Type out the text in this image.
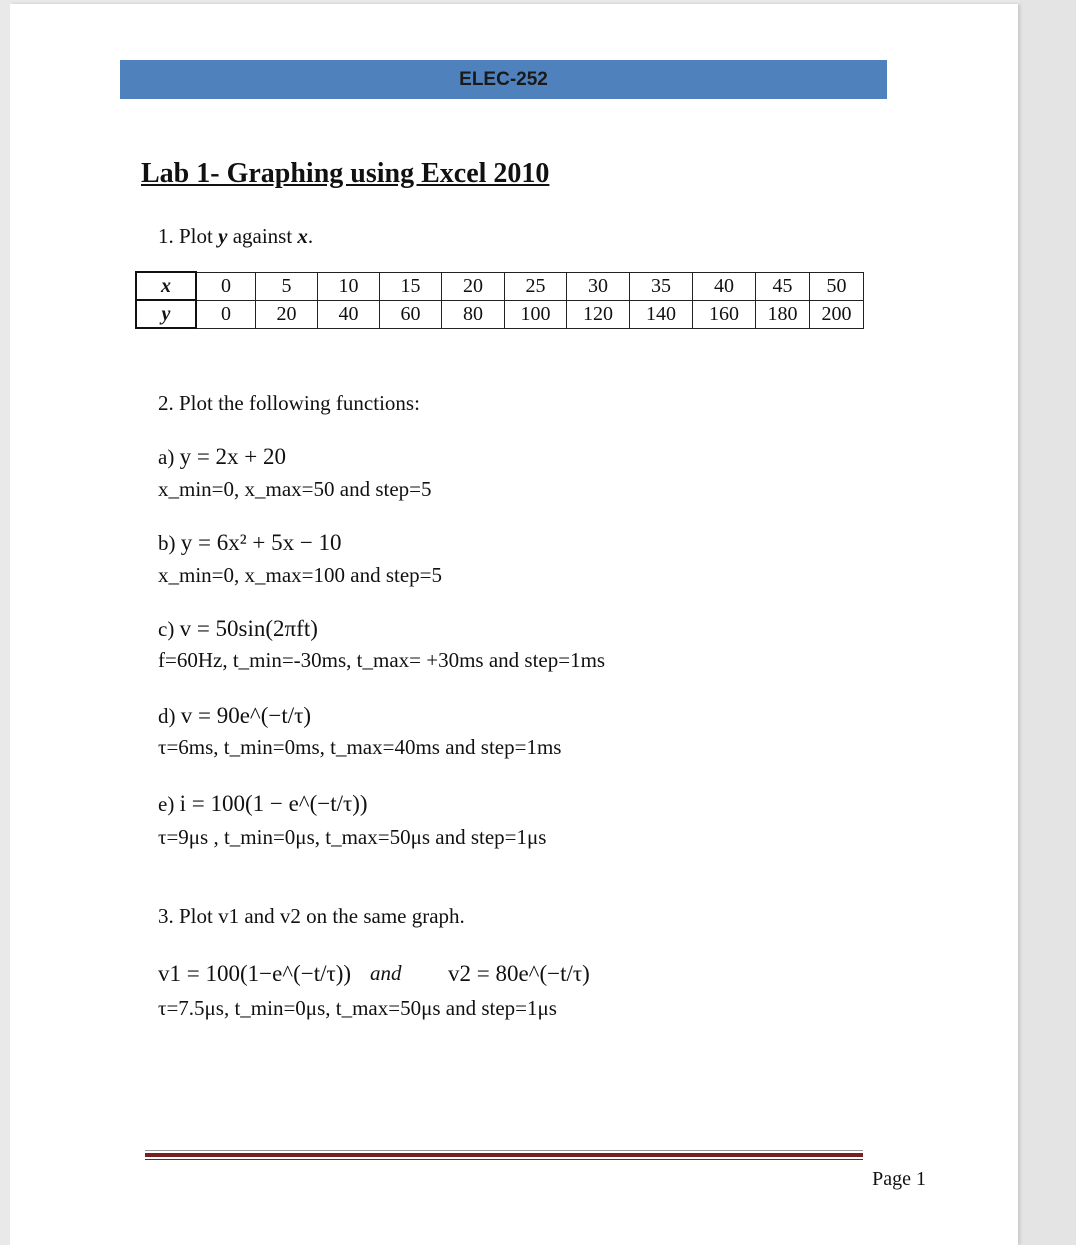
ELEC-252
Lab 1- Graphing using Excel 2010
1. Plot y against x.
x	0	5	10	15	20	25	30	35	40	45	50
y	0	20	40	60	80	100	120	140	160	180	200
2. Plot the following functions:
a) y = 2x + 20
x_min=0, x_max=50 and step=5
b) y = 6x² + 5x − 10
x_min=0, x_max=100 and step=5
c) v = 50sin(2πft)
f=60Hz, t_min=-30ms, t_max= +30ms and step=1ms
d) v = 90e^(−t/τ)
τ=6ms, t_min=0ms, t_max=40ms and step=1ms
e) i = 100(1 − e^(−t/τ))
τ=9μs , t_min=0μs, t_max=50μs and step=1μs
3. Plot v1 and v2 on the same graph.
v1 = 100(1−e^(−t/τ)) and v2 = 80e^(−t/τ)
τ=7.5μs, t_min=0μs, t_max=50μs and step=1μs
Page 1
